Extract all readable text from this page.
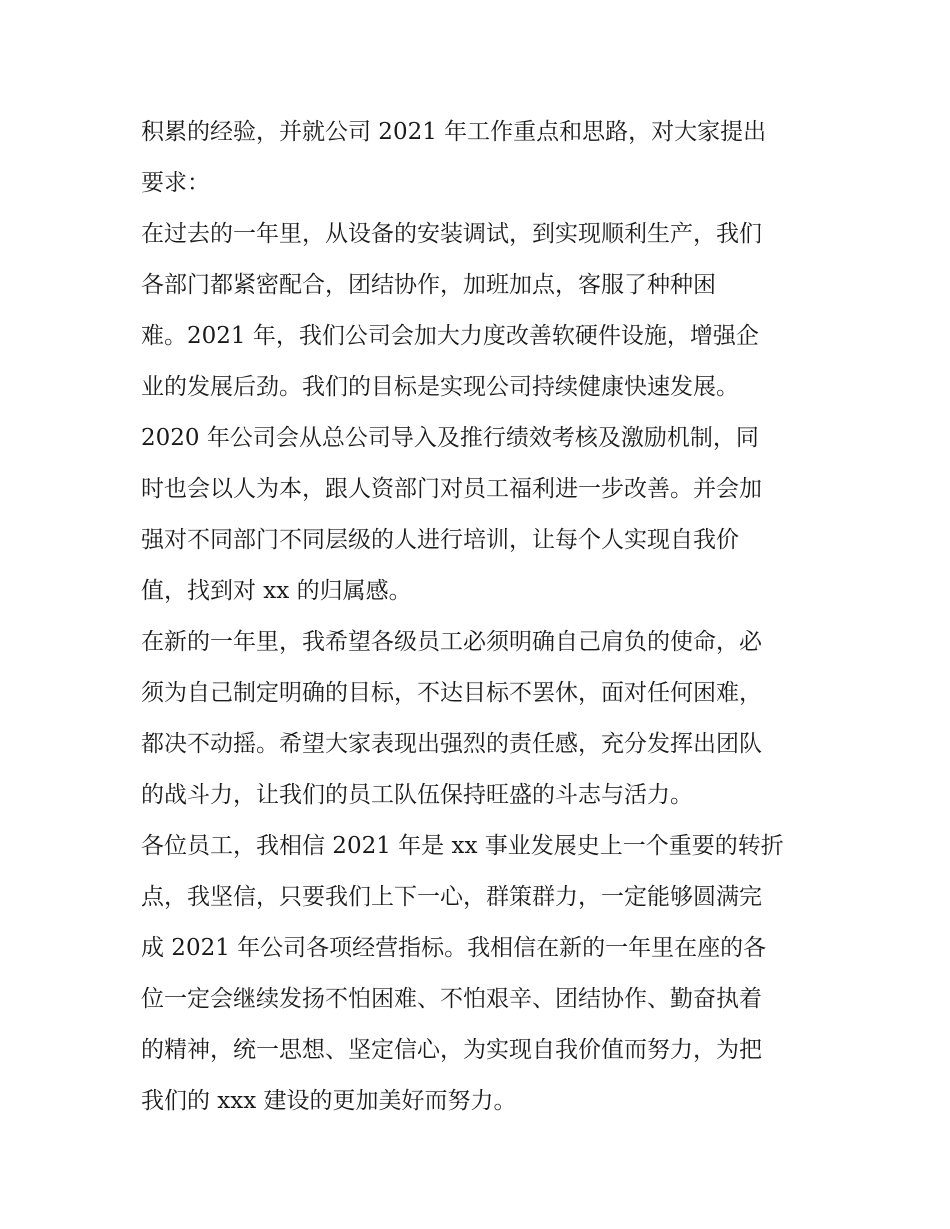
积累的经验，并就公司 2021 年工作重点和思路，对大家提出
要求：
在过去的一年里，从设备的安装调试，到实现顺利生产，我们
各部门都紧密配合，团结协作，加班加点，客服了种种困
难。2021 年，我们公司会加大力度改善软硬件设施，增强企
业的发展后劲。我们的目标是实现公司持续健康快速发展。
2020 年公司会从总公司导入及推行绩效考核及激励机制，同
时也会以人为本，跟人资部门对员工福利进一步改善。并会加
强对不同部门不同层级的人进行培训，让每个人实现自我价
值，找到对 xx 的归属感。
在新的一年里，我希望各级员工必须明确自己肩负的使命，必
须为自己制定明确的目标，不达目标不罢休，面对任何困难，
都决不动摇。希望大家表现出强烈的责任感，充分发挥出团队
的战斗力，让我们的员工队伍保持旺盛的斗志与活力。
各位员工，我相信 2021 年是 xx 事业发展史上一个重要的转折
点，我坚信，只要我们上下一心，群策群力，一定能够圆满完
成 2021 年公司各项经营指标。我相信在新的一年里在座的各
位一定会继续发扬不怕困难、不怕艰辛、团结协作、勤奋执着
的精神，统一思想、坚定信心，为实现自我价值而努力，为把
我们的 xxx 建设的更加美好而努力。
